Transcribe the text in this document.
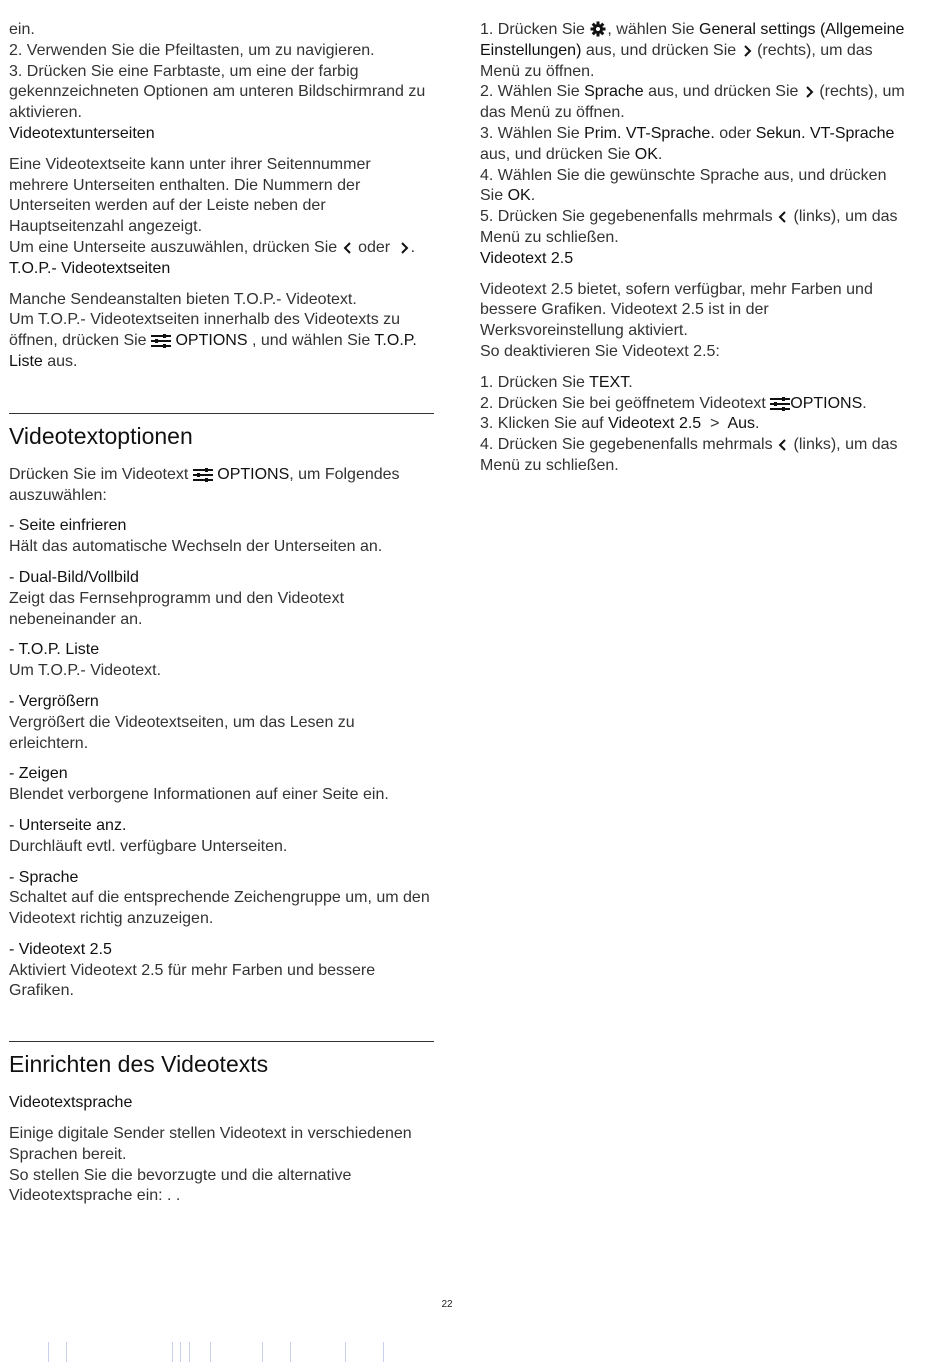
ein.

2. Verwenden Sie die Pfeiltasten, um zu navigieren.

3. Drücken Sie eine Farbtaste, um eine der farbig gekennzeichneten Optionen am unteren Bildschirmrand zu aktivieren.

Videotextunterseiten

Eine Videotextseite kann unter ihrer Seitennummer mehrere Unterseiten enthalten. Die Nummern der Unterseiten werden auf der Leiste neben der Hauptseitenzahl angezeigt.

Um eine Unterseite auszuwählen, drücken Sie oder .

T.O.P.- Videotextseiten

Manche Sendeanstalten bieten T.O.P.- Videotext.

Um T.O.P.- Videotextseiten innerhalb des Videotexts zu öffnen, drücken Sie OPTIONS , und wählen Sie T.O.P. Liste aus.

Videotextoptionen

Drücken Sie im Videotext OPTIONS, um Folgendes auszuwählen:

- Seite einfrieren

Hält das automatische Wechseln der Unterseiten an.

- Dual-Bild/Vollbild

Zeigt das Fernsehprogramm und den Videotext nebeneinander an.

- T.O.P. Liste

Um T.O.P.- Videotext.

- Vergrößern

Vergrößert die Videotextseiten, um das Lesen zu erleichtern.

- Zeigen

Blendet verborgene Informationen auf einer Seite ein.

- Unterseite anz.

Durchläuft evtl. verfügbare Unterseiten.

- Sprache

Schaltet auf die entsprechende Zeichengruppe um, um den Videotext richtig anzuzeigen.

- Videotext 2.5

Aktiviert Videotext 2.5 für mehr Farben und bessere Grafiken.

Einrichten des Videotexts

Videotextsprache

Einige digitale Sender stellen Videotext in verschiedenen Sprachen bereit.

So stellen Sie die bevorzugte und die alternative Videotextsprache ein: . .

1. Drücken Sie , wählen Sie General settings (Allgemeine Einstellungen) aus, und drücken Sie (rechts), um das Menü zu öffnen.

2. Wählen Sie Sprache aus, und drücken Sie (rechts), um das Menü zu öffnen.

3. Wählen Sie Prim. VT-Sprache. oder Sekun. VT-Sprache aus, und drücken Sie OK.

4. Wählen Sie die gewünschte Sprache aus, und drücken Sie OK.

5. Drücken Sie gegebenenfalls mehrmals (links), um das Menü zu schließen.

Videotext 2.5

Videotext 2.5 bietet, sofern verfügbar, mehr Farben und bessere Grafiken. Videotext 2.5 ist in der Werksvoreinstellung aktiviert.

So deaktivieren Sie Videotext 2.5:

1. Drücken Sie TEXT.

2. Drücken Sie bei geöffnetem Videotext OPTIONS.

3. Klicken Sie auf Videotext 2.5 > Aus.

4. Drücken Sie gegebenenfalls mehrmals (links), um das Menü zu schließen.

22
